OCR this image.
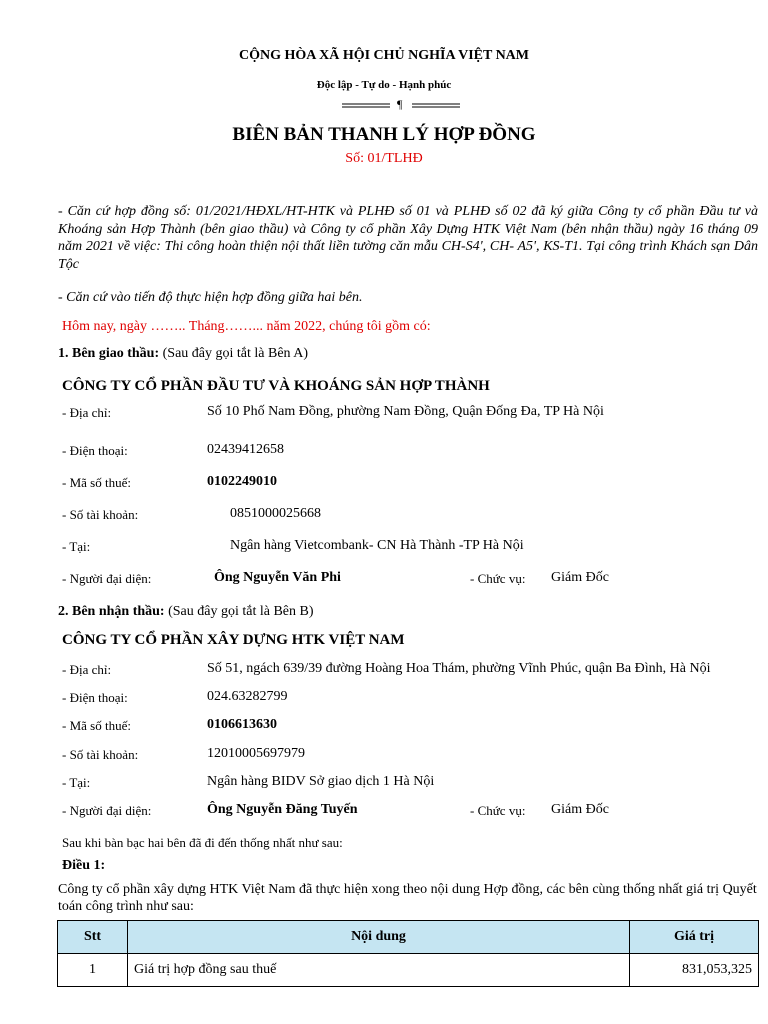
CỘNG HÒA XÃ HỘI CHỦ NGHĨA VIỆT NAM
Độc lập - Tự do - Hạnh phúc
¶
BIÊN BẢN THANH LÝ HỢP ĐỒNG
Số: 01/TLHĐ
- Căn cứ hợp đồng số: 01/2021/HĐXL/HT-HTK và PLHĐ số 01 và PLHĐ số 02 đã ký giữa Công ty cổ phần Đầu tư và Khoáng sản Hợp Thành (bên giao thầu) và Công ty cổ phần Xây Dựng HTK Việt Nam (bên nhận thầu) ngày 16 tháng 09 năm 2021 về việc: Thi công hoàn thiện nội thất liền tường căn mẫu CH-S4', CH- A5', KS-T1. Tại công trình Khách sạn Dân Tộc
- Căn cứ vào tiến độ thực hiện hợp đồng giữa hai bên.
Hôm nay, ngày …….. Tháng……... năm 2022, chúng tôi gồm có:
1. Bên giao thầu: (Sau đây gọi tắt là Bên A)
CÔNG TY CỔ PHẦN ĐẦU TƯ VÀ KHOÁNG SẢN HỢP THÀNH
- Địa chỉ:	Số 10 Phố Nam Đồng, phường Nam Đồng, Quận Đống Đa, TP Hà Nội
- Điện thoại:	02439412658
- Mã số thuế:	0102249010
- Số tài khoản:	0851000025668
- Tại:	Ngân hàng Vietcombank- CN Hà Thành -TP Hà Nội
- Người đại diện:	Ông Nguyễn Văn Phi	- Chức vụ: Giám Đốc
2. Bên nhận thầu: (Sau đây gọi tắt là Bên B)
CÔNG TY CỔ PHẦN XÂY DỰNG HTK VIỆT NAM
- Địa chỉ:	Số 51, ngách 639/39 đường Hoàng Hoa Thám, phường Vĩnh Phúc, quận Ba Đình, Hà Nội
- Điện thoại:	024.63282799
- Mã số thuế:	0106613630
- Số tài khoản:	12010005697979
- Tại:	Ngân hàng BIDV Sở giao dịch 1 Hà Nội
- Người đại diện:	Ông Nguyễn Đăng Tuyến	- Chức vụ: Giám Đốc
Sau khi bàn bạc hai bên đã đi đến thống nhất như sau:
Điều 1:
Công ty cổ phần xây dựng HTK Việt Nam đã thực hiện xong theo nội dung Hợp đồng, các bên cùng thống nhất giá trị Quyết toán công trình như sau:
Stt	Nội dung	Giá trị
1	Giá trị hợp đồng sau thuế	831,053,325
